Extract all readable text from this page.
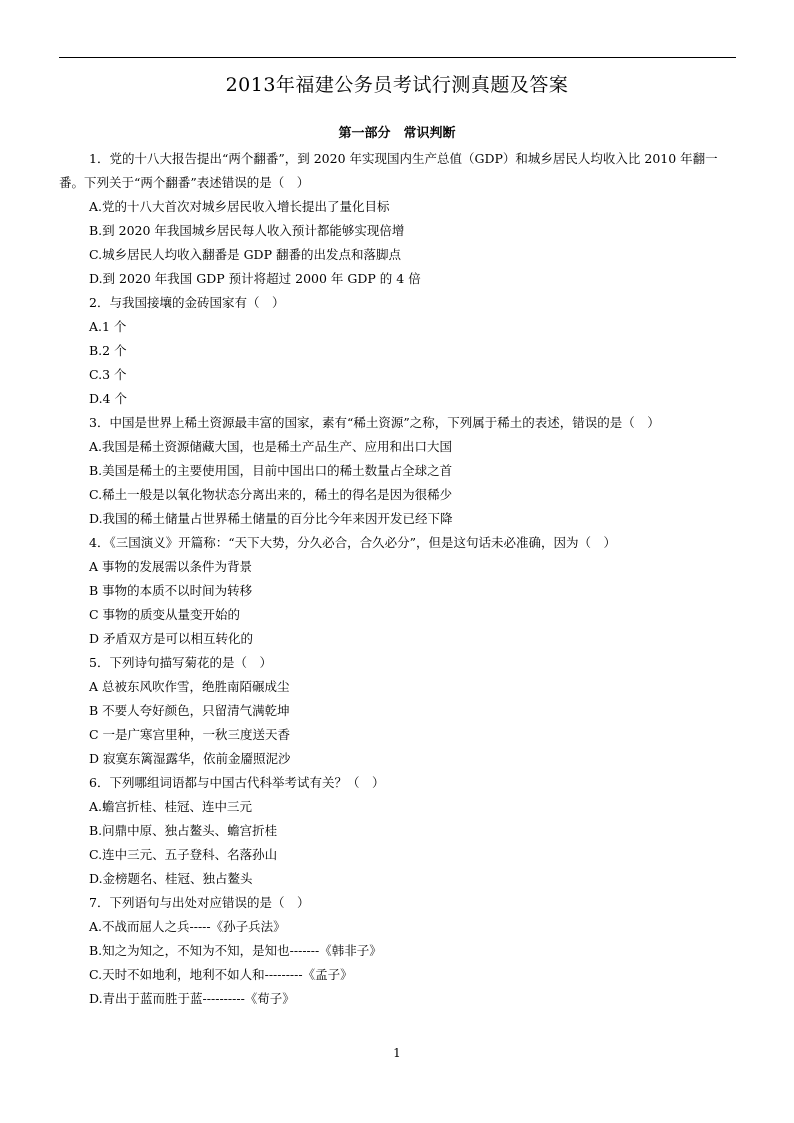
2013年福建公务员考试行测真题及答案
第一部分　常识判断

1．党的十八大报告提出“两个翻番”，到 2020 年实现国内生产总值（GDP）和城乡居民人均收入比 2010 年翻一番。下列关于“两个翻番”表述错误的是（　）

A.党的十八大首次对城乡居民收入增长提出了量化目标

B.到 2020 年我国城乡居民每人收入预计都能够实现倍增

C.城乡居民人均收入翻番是 GDP 翻番的出发点和落脚点

D.到 2020 年我国 GDP 预计将超过 2000 年 GDP 的 4 倍

2．与我国接壤的金砖国家有（　）

A.1 个

B.2 个

C.3 个

D.4 个

3．中国是世界上稀土资源最丰富的国家，素有“稀土资源”之称，下列属于稀土的表述，错误的是（　）

A.我国是稀土资源储藏大国，也是稀土产品生产、应用和出口大国

B.美国是稀土的主要使用国，目前中国出口的稀土数量占全球之首

C.稀土一般是以氧化物状态分离出来的，稀土的得名是因为很稀少

D.我国的稀土储量占世界稀土储量的百分比今年来因开发已经下降

4．《三国演义》开篇称：“天下大势，分久必合，合久必分”，但是这句话未必准确，因为（　）

A 事物的发展需以条件为背景

B 事物的本质不以时间为转移

C 事物的质变从量变开始的

D 矛盾双方是可以相互转化的

5．下列诗句描写菊花的是（　）

A 总被东风吹作雪，绝胜南陌碾成尘

B 不要人夸好颜色，只留清气满乾坤

C 一是广寒宫里种，一秋三度送天香

D 寂寞东篱湿露华，依前金靥照泥沙

6．下列哪组词语都与中国古代科举考试有关？（　）

A.蟾宫折桂、桂冠、连中三元

B.问鼎中原、独占鳌头、蟾宫折桂

C.连中三元、五子登科、名落孙山

D.金榜题名、桂冠、独占鳌头

7．下列语句与出处对应错误的是（　）

A.不战而屈人之兵-----《孙子兵法》

B.知之为知之，不知为不知，是知也-------《韩非子》

C.天时不如地利，地利不如人和---------《孟子》

D.青出于蓝而胜于蓝----------《荀子》

1
